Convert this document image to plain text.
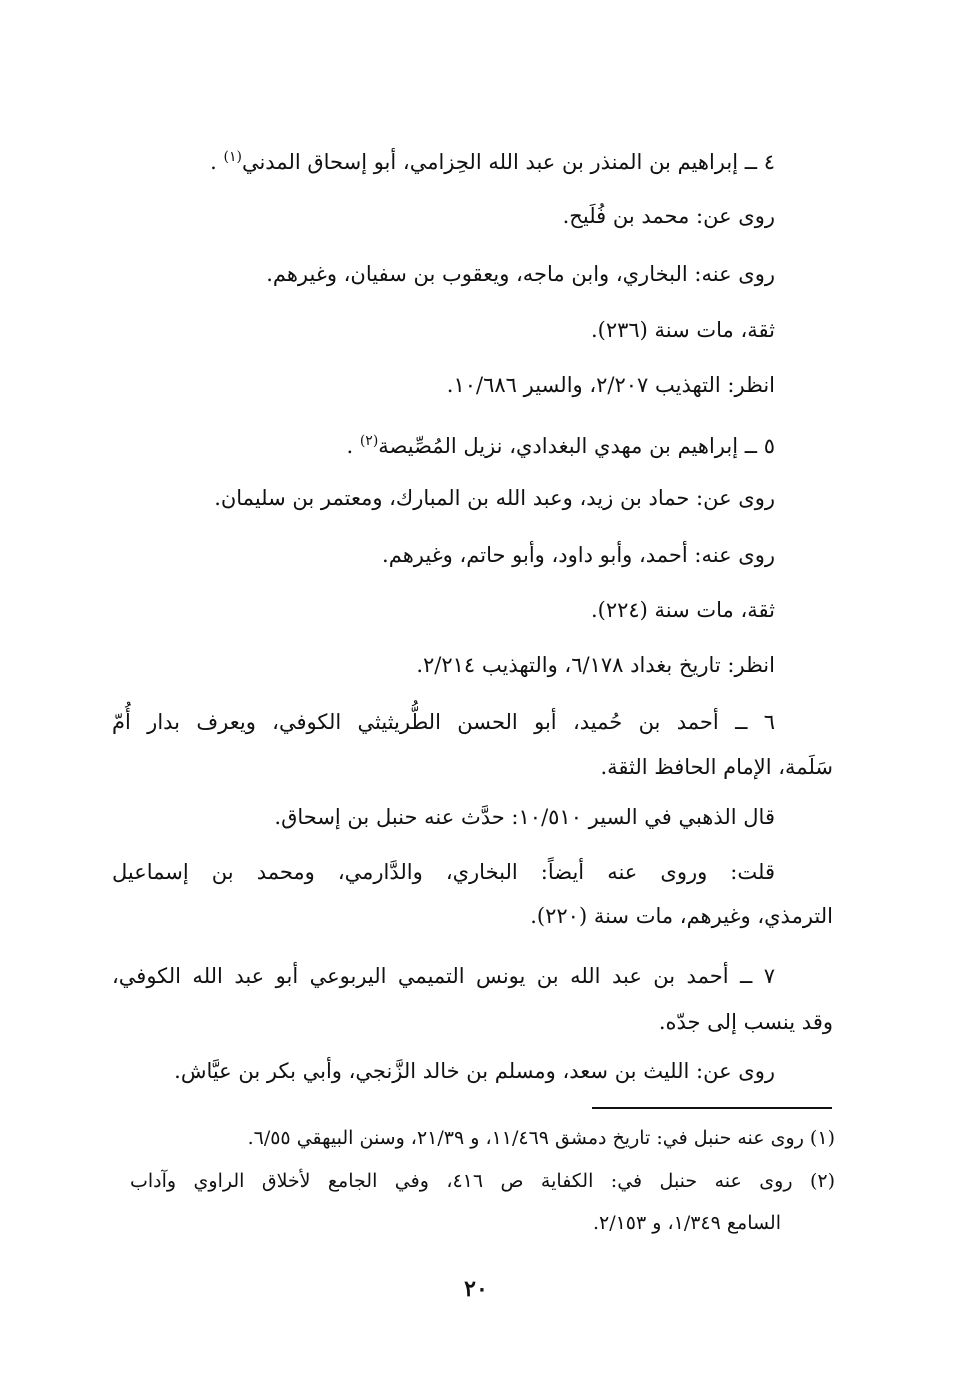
٤ ــ إبراهيم بن المنذر بن عبد الله الحِزامي، أبو إسحاق المدني$^{(١)}$ .
روى عن: محمد بن فُلَيح.
روى عنه: البخاري، وابن ماجه، ويعقوب بن سفيان، وغيرهم.
ثقة، مات سنة (٢٣٦).
انظر: التهذيب ٢/٢٠٧، والسير ١٠/٦٨٦.
٥ ــ إبراهيم بن مهدي البغدادي، نزيل المُصِّيصة$^{(٢)}$ .
روى عن: حماد بن زيد، وعبد الله بن المبارك، ومعتمر بن سليمان.
روى عنه: أحمد، وأبو داود، وأبو حاتم، وغيرهم.
ثقة، مات سنة (٢٢٤).
انظر: تاريخ بغداد ٦/١٧٨، والتهذيب ٢/٢١٤.
٦ ــ أحمد بن حُميد، أبو الحسن الطُّريثيثي الكوفي، ويعرف بدار أُمّ
سَلَمة، الإمام الحافظ الثقة.
قال الذهبي في السير ١٠/٥١٠: حدَّث عنه حنبل بن إسحاق.
قلت: وروى عنه أيضاً: البخاري، والدَّارمي، ومحمد بن إسماعيل
الترمذي، وغيرهم، مات سنة (٢٢٠).
٧ ــ أحمد بن عبد الله بن يونس التميمي اليربوعي أبو عبد الله الكوفي،
وقد ينسب إلى جدّه.
روى عن: الليث بن سعد، ومسلم بن خالد الزَّنجي، وأبي بكر بن عيَّاش.
(١) روى عنه حنبل في: تاريخ دمشق ١١/٤٦٩، و ٢١/٣٩، وسنن البيهقي ٦/٥٥.
(٢) روى عنه حنبل في: الكفاية ص ٤١٦، وفي الجامع لأخلاق الراوي وآداب
السامع ١/٣٤٩، و ٢/١٥٣.
٢٠
